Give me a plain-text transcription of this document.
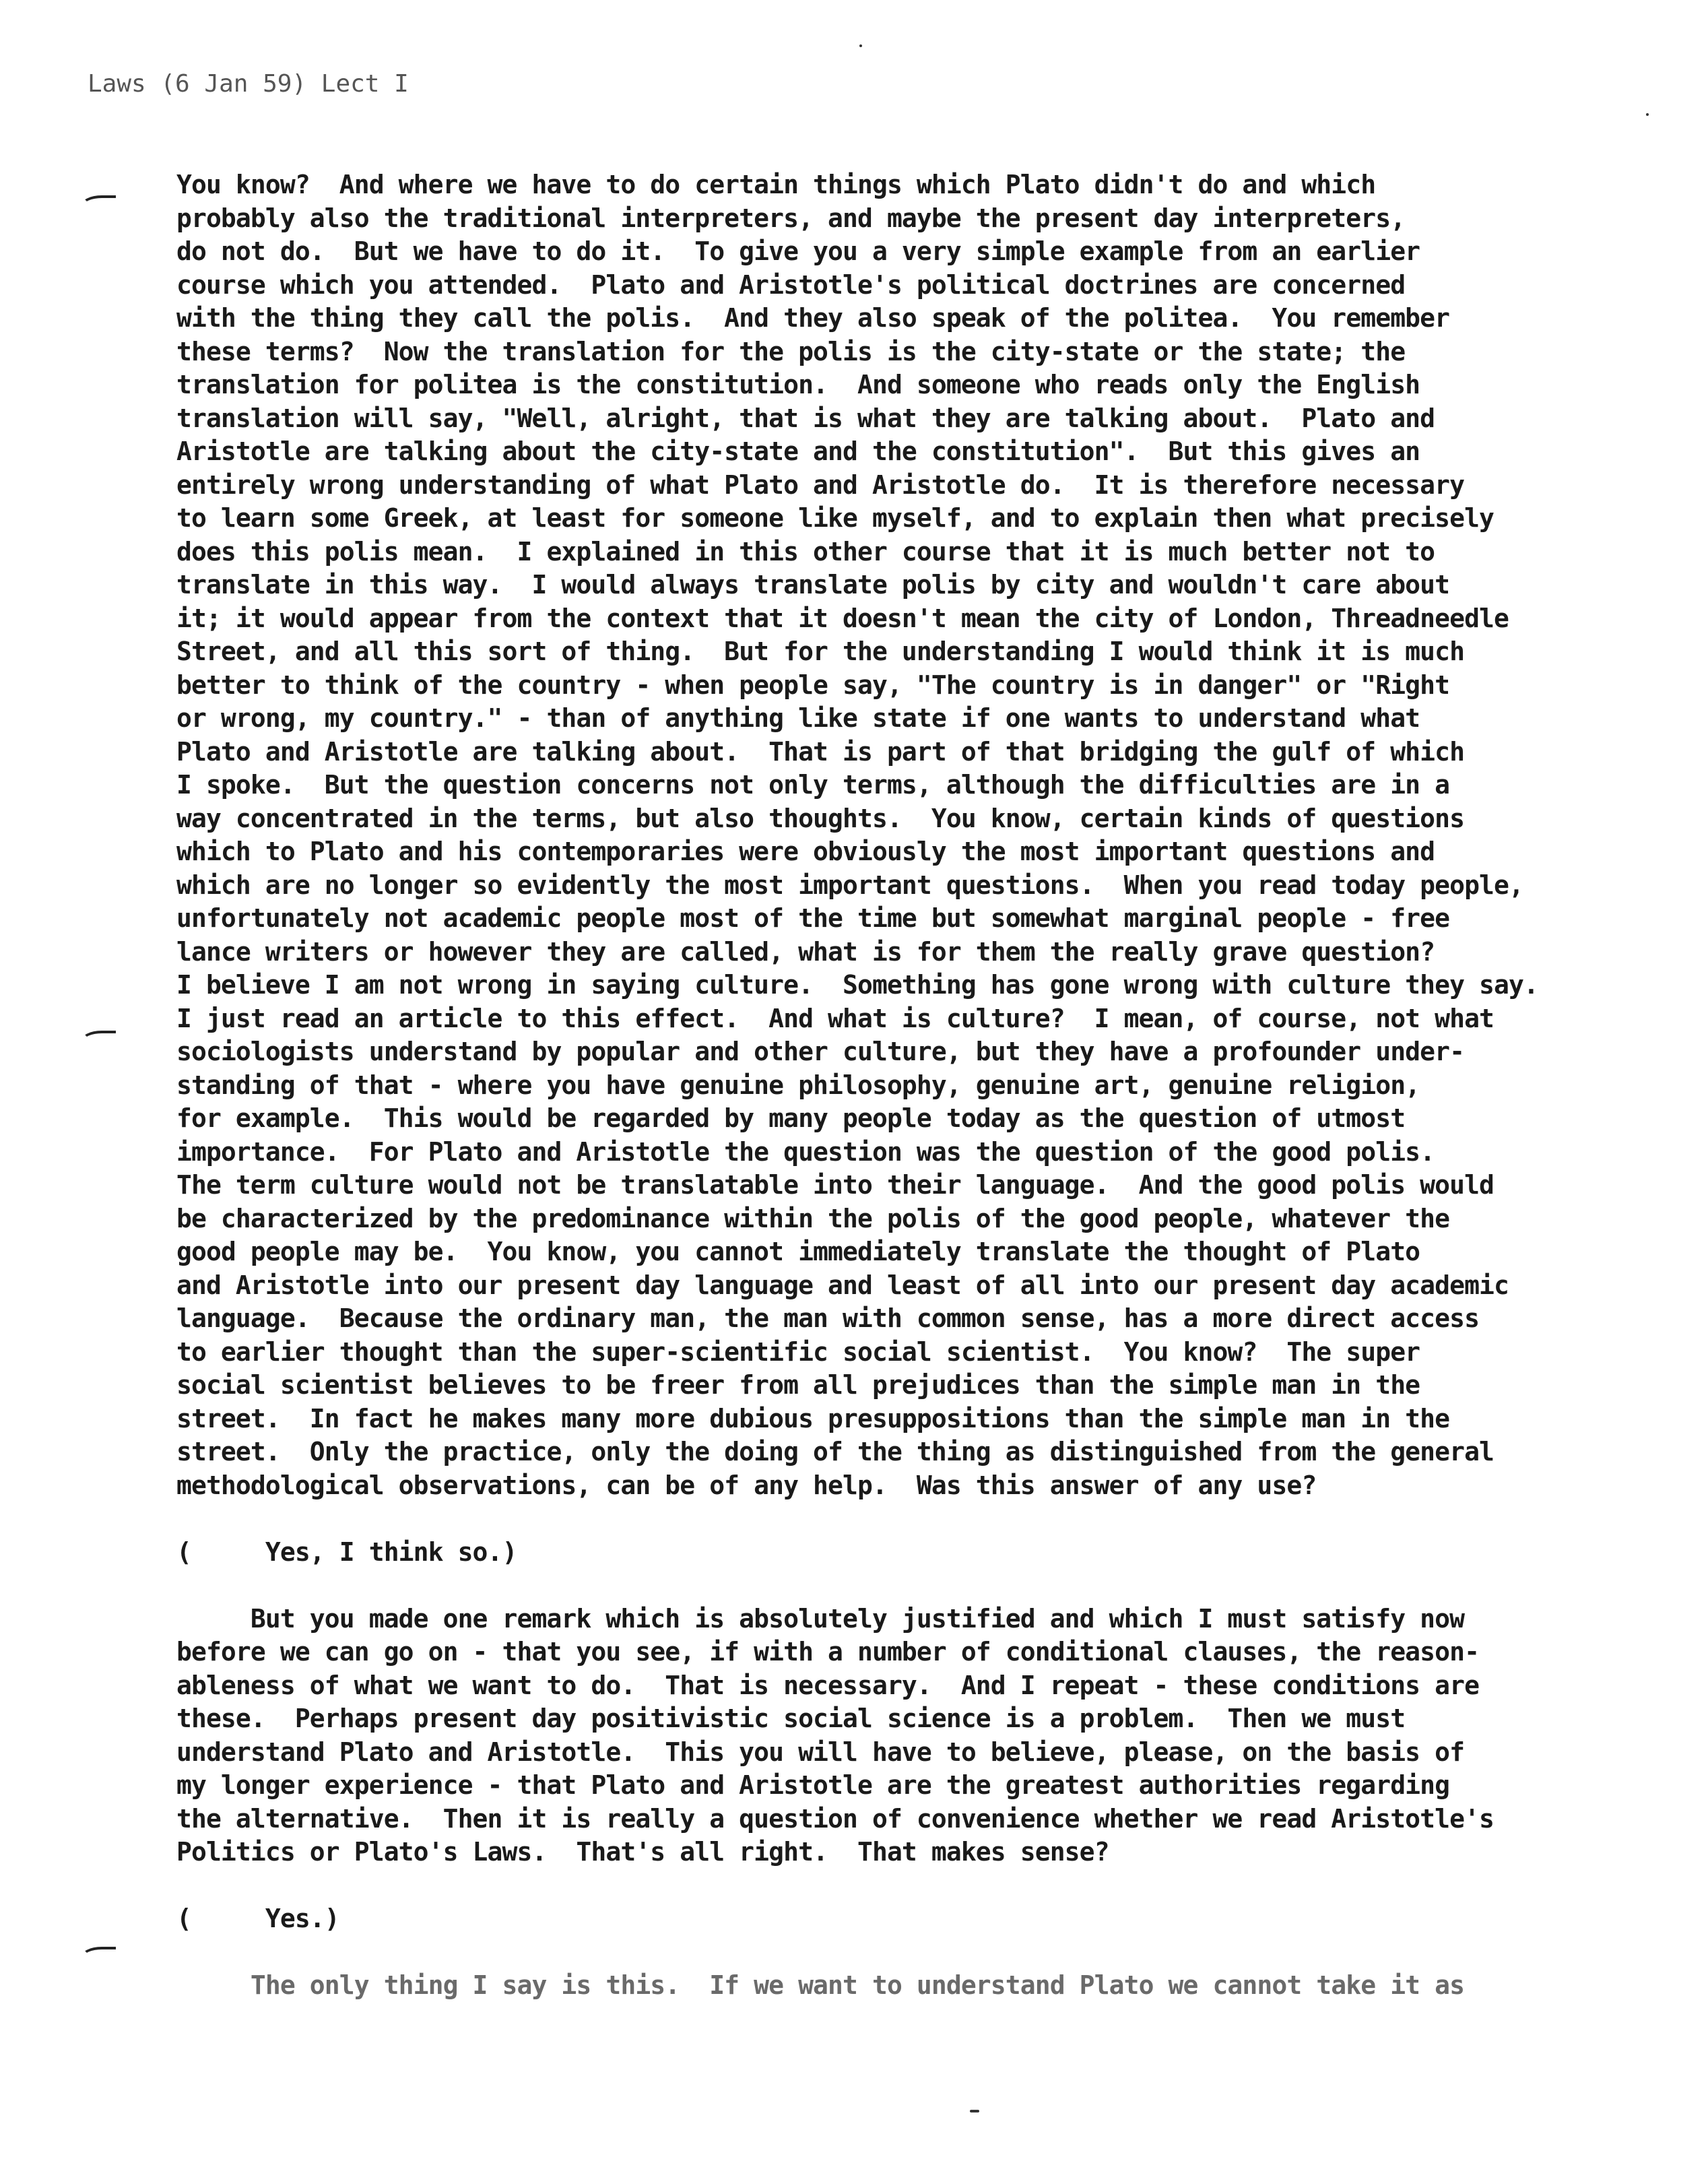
Laws (6 Jan 59) Lect I
You know?  And where we have to do certain things which Plato didn't do and which
probably also the traditional interpreters, and maybe the present day interpreters,
do not do.  But we have to do it.  To give you a very simple example from an earlier
course which you attended.  Plato and Aristotle's political doctrines are concerned
with the thing they call the polis.  And they also speak of the politea.  You remember
these terms?  Now the translation for the polis is the city-state or the state; the
translation for politea is the constitution.  And someone who reads only the English
translation will say, "Well, alright, that is what they are talking about.  Plato and
Aristotle are talking about the city-state and the constitution".  But this gives an
entirely wrong understanding of what Plato and Aristotle do.  It is therefore necessary
to learn some Greek, at least for someone like myself, and to explain then what precisely
does this polis mean.  I explained in this other course that it is much better not to
translate in this way.  I would always translate polis by city and wouldn't care about
it; it would appear from the context that it doesn't mean the city of London, Threadneedle
Street, and all this sort of thing.  But for the understanding I would think it is much
better to think of the country - when people say, "The country is in danger" or "Right
or wrong, my country." - than of anything like state if one wants to understand what
Plato and Aristotle are talking about.  That is part of that bridging the gulf of which
I spoke.  But the question concerns not only terms, although the difficulties are in a
way concentrated in the terms, but also thoughts.  You know, certain kinds of questions
which to Plato and his contemporaries were obviously the most important questions and
which are no longer so evidently the most important questions.  When you read today people,
unfortunately not academic people most of the time but somewhat marginal people - free
lance writers or however they are called, what is for them the really grave question?
I believe I am not wrong in saying culture.  Something has gone wrong with culture they say.
I just read an article to this effect.  And what is culture?  I mean, of course, not what
sociologists understand by popular and other culture, but they have a profounder under-
standing of that - where you have genuine philosophy, genuine art, genuine religion,
for example.  This would be regarded by many people today as the question of utmost
importance.  For Plato and Aristotle the question was the question of the good polis.
The term culture would not be translatable into their language.  And the good polis would
be characterized by the predominance within the polis of the good people, whatever the
good people may be.  You know, you cannot immediately translate the thought of Plato
and Aristotle into our present day language and least of all into our present day academic
language.  Because the ordinary man, the man with common sense, has a more direct access
to earlier thought than the super-scientific social scientist.  You know?  The super
social scientist believes to be freer from all prejudices than the simple man in the
street.  In fact he makes many more dubious presuppositions than the simple man in the
street.  Only the practice, only the doing of the thing as distinguished from the general
methodological observations, can be of any help.  Was this answer of any use?
(     Yes, I think so.)
But you made one remark which is absolutely justified and which I must satisfy now
before we can go on - that you see, if with a number of conditional clauses, the reason-
ableness of what we want to do.  That is necessary.  And I repeat - these conditions are
these.  Perhaps present day positivistic social science is a problem.  Then we must
understand Plato and Aristotle.  This you will have to believe, please, on the basis of
my longer experience - that Plato and Aristotle are the greatest authorities regarding
the alternative.  Then it is really a question of convenience whether we read Aristotle's
Politics or Plato's Laws.  That's all right.  That makes sense?
(     Yes.)
The only thing I say is this.  If we want to understand Plato we cannot take it as
